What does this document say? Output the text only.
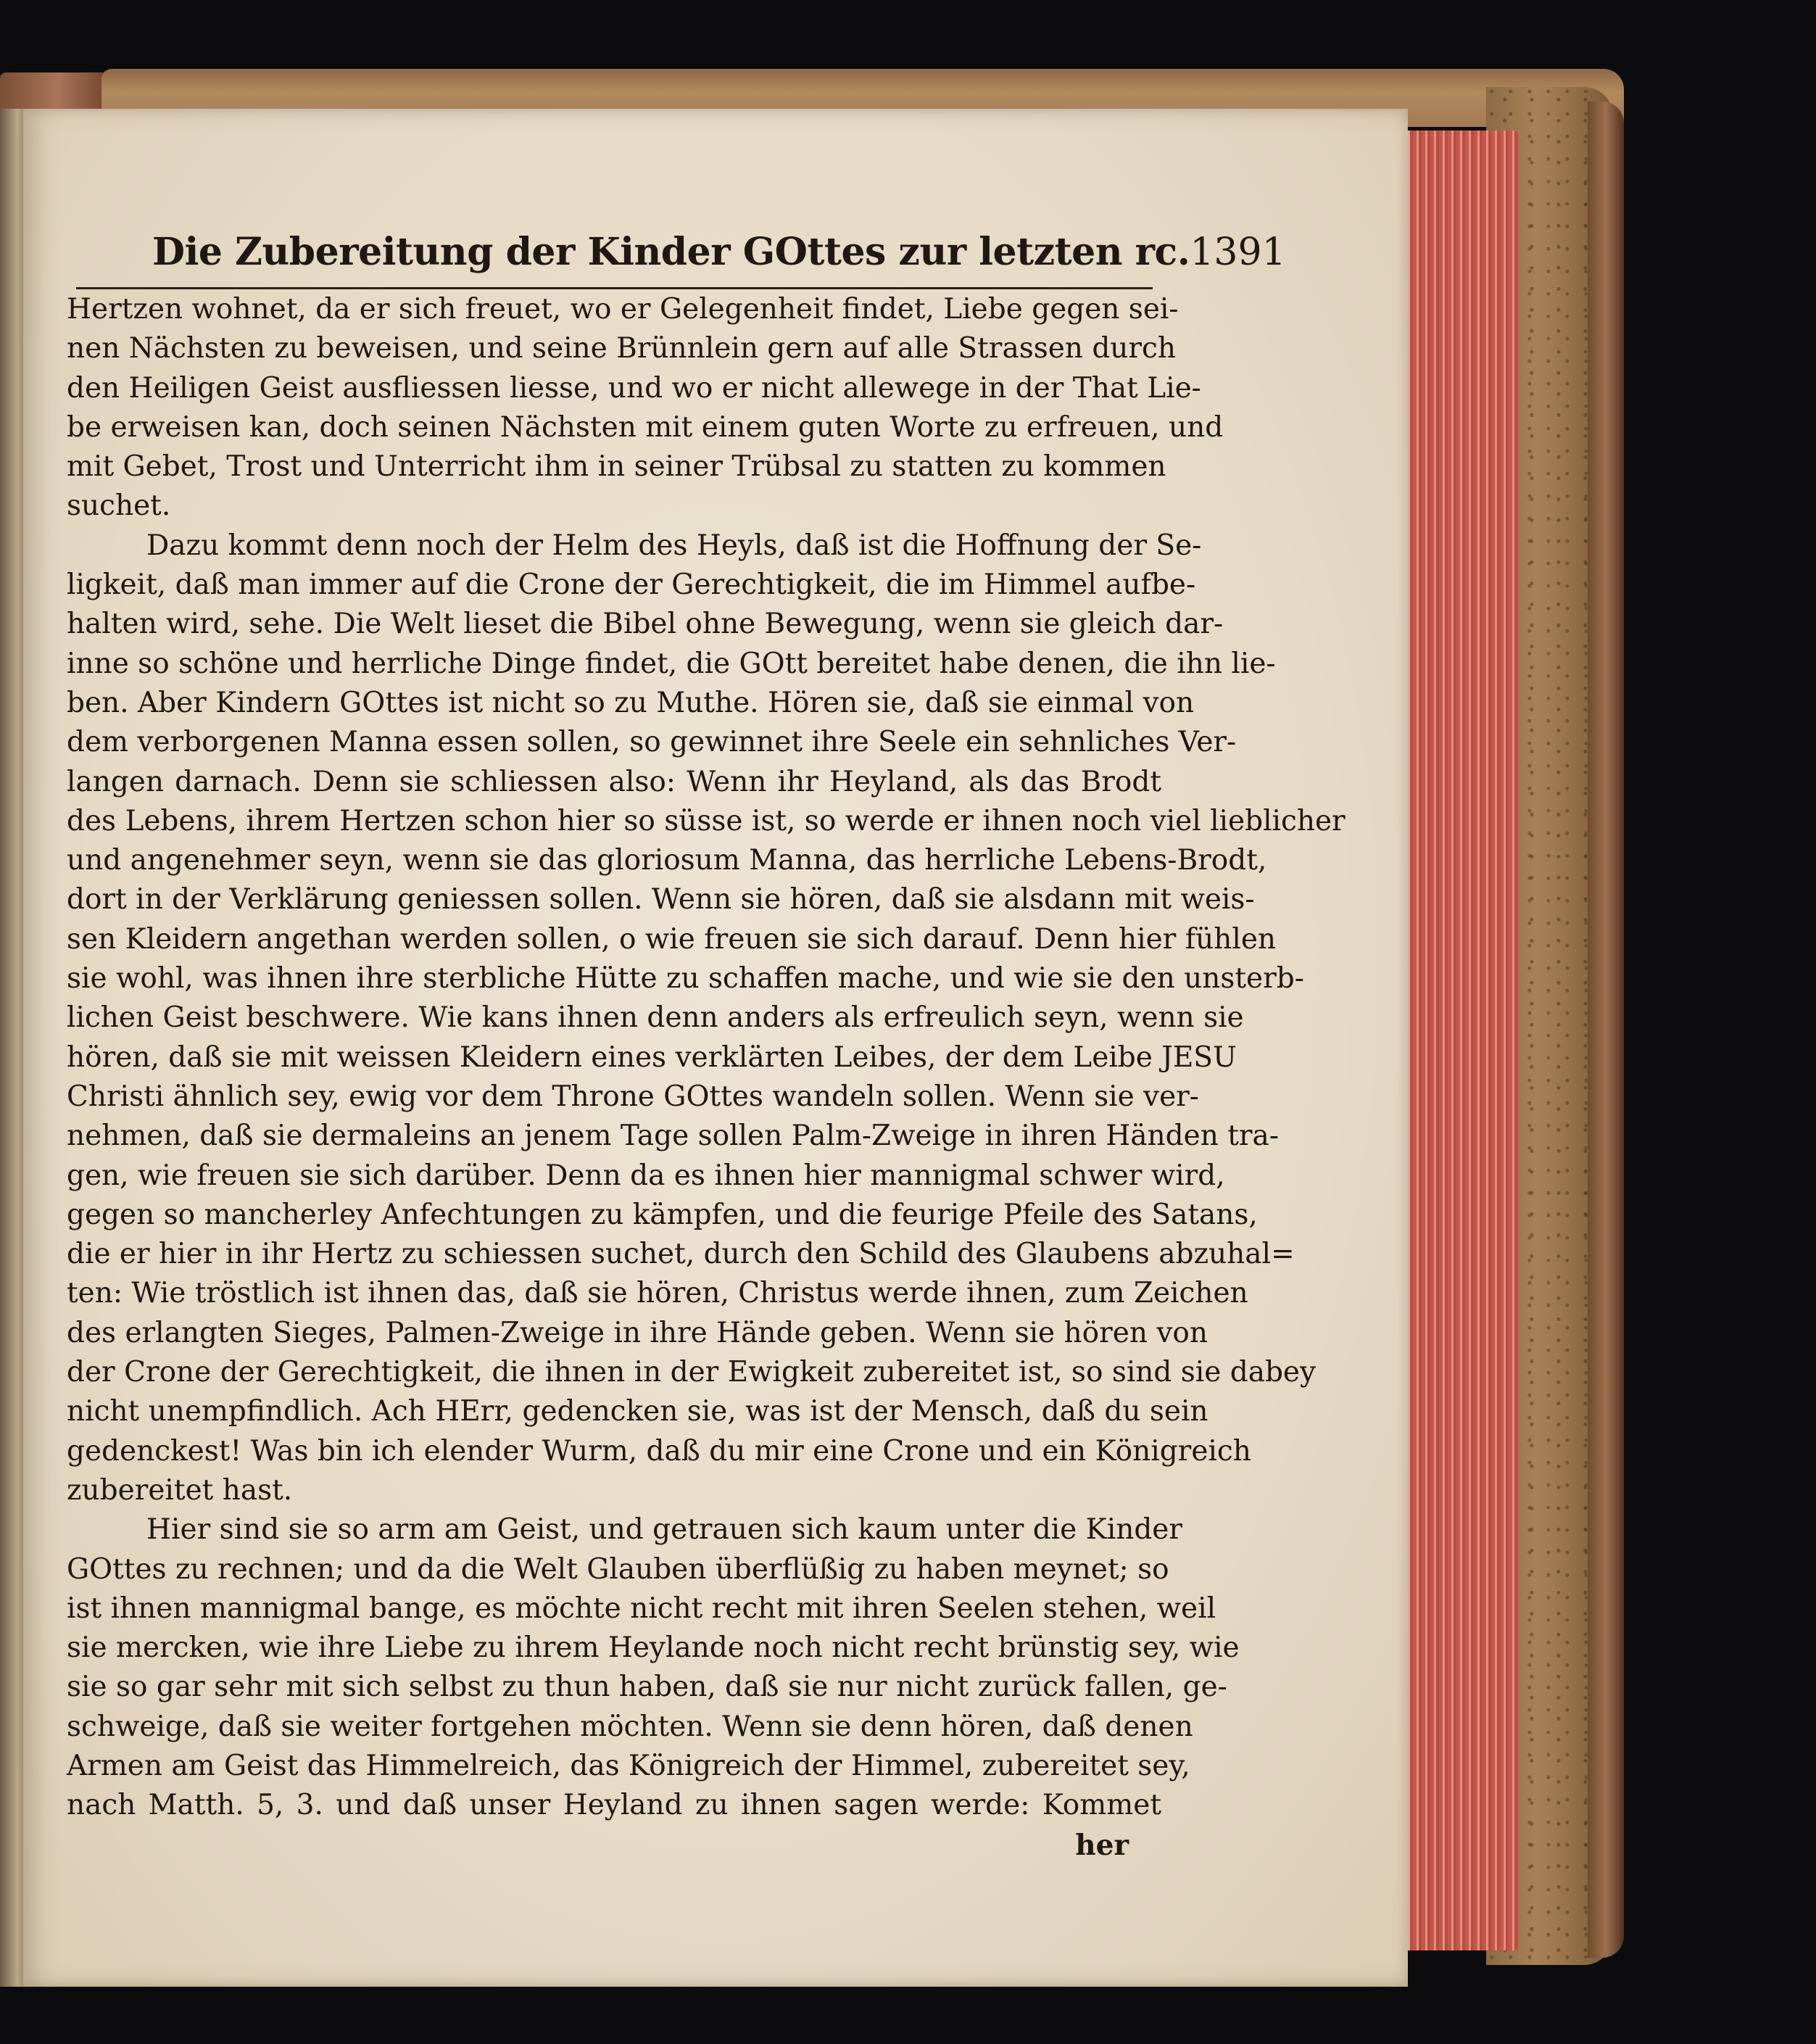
Die Zubereitung der Kinder GOttes zur letzten rc. 1391
Hertzen wohnet, da er sich freuet, wo er Gelegenheit findet, Liebe gegen sei-
nen Nächsten zu beweisen, und seine Brünnlein gern auf alle Strassen durch
den Heiligen Geist ausfliessen liesse, und wo er nicht allewege in der That Lie-
be erweisen kan, doch seinen Nächsten mit einem guten Worte zu erfreuen, und
mit Gebet, Trost und Unterricht ihm in seiner Trübsal zu statten zu kommen
suchet.
Dazu kommt denn noch der Helm des Heyls, daß ist die Hoffnung der Se-
ligkeit, daß man immer auf die Crone der Gerechtigkeit, die im Himmel aufbe-
halten wird, sehe. Die Welt lieset die Bibel ohne Bewegung, wenn sie gleich dar-
inne so schöne und herrliche Dinge findet, die GOtt bereitet habe denen, die ihn lie-
ben. Aber Kindern GOttes ist nicht so zu Muthe. Hören sie, daß sie einmal von
dem verborgenen Manna essen sollen, so gewinnet ihre Seele ein sehnliches Ver-
langen darnach. Denn sie schliessen also: Wenn ihr Heyland, als das Brodt
des Lebens, ihrem Hertzen schon hier so süsse ist, so werde er ihnen noch viel lieblicher
und angenehmer seyn, wenn sie das gloriosum Manna, das herrliche Lebens-Brodt,
dort in der Verklärung geniessen sollen. Wenn sie hören, daß sie alsdann mit weis-
sen Kleidern angethan werden sollen, o wie freuen sie sich darauf. Denn hier fühlen
sie wohl, was ihnen ihre sterbliche Hütte zu schaffen mache, und wie sie den unsterb-
lichen Geist beschwere. Wie kans ihnen denn anders als erfreulich seyn, wenn sie
hören, daß sie mit weissen Kleidern eines verklärten Leibes, der dem Leibe JESU
Christi ähnlich sey, ewig vor dem Throne GOttes wandeln sollen. Wenn sie ver-
nehmen, daß sie dermaleins an jenem Tage sollen Palm-Zweige in ihren Händen tra-
gen, wie freuen sie sich darüber. Denn da es ihnen hier mannigmal schwer wird,
gegen so mancherley Anfechtungen zu kämpfen, und die feurige Pfeile des Satans,
die er hier in ihr Hertz zu schiessen suchet, durch den Schild des Glaubens abzuhal=
ten: Wie tröstlich ist ihnen das, daß sie hören, Christus werde ihnen, zum Zeichen
des erlangten Sieges, Palmen-Zweige in ihre Hände geben. Wenn sie hören von
der Crone der Gerechtigkeit, die ihnen in der Ewigkeit zubereitet ist, so sind sie dabey
nicht unempfindlich. Ach HErr, gedencken sie, was ist der Mensch, daß du sein
gedenckest! Was bin ich elender Wurm, daß du mir eine Crone und ein Königreich
zubereitet hast.
Hier sind sie so arm am Geist, und getrauen sich kaum unter die Kinder
GOttes zu rechnen; und da die Welt Glauben überflüßig zu haben meynet; so
ist ihnen mannigmal bange, es möchte nicht recht mit ihren Seelen stehen, weil
sie mercken, wie ihre Liebe zu ihrem Heylande noch nicht recht brünstig sey, wie
sie so gar sehr mit sich selbst zu thun haben, daß sie nur nicht zurück fallen, ge-
schweige, daß sie weiter fortgehen möchten. Wenn sie denn hören, daß denen
Armen am Geist das Himmelreich, das Königreich der Himmel, zubereitet sey,
nach Matth. 5, 3. und daß unser Heyland zu ihnen sagen werde: Kommet
her
